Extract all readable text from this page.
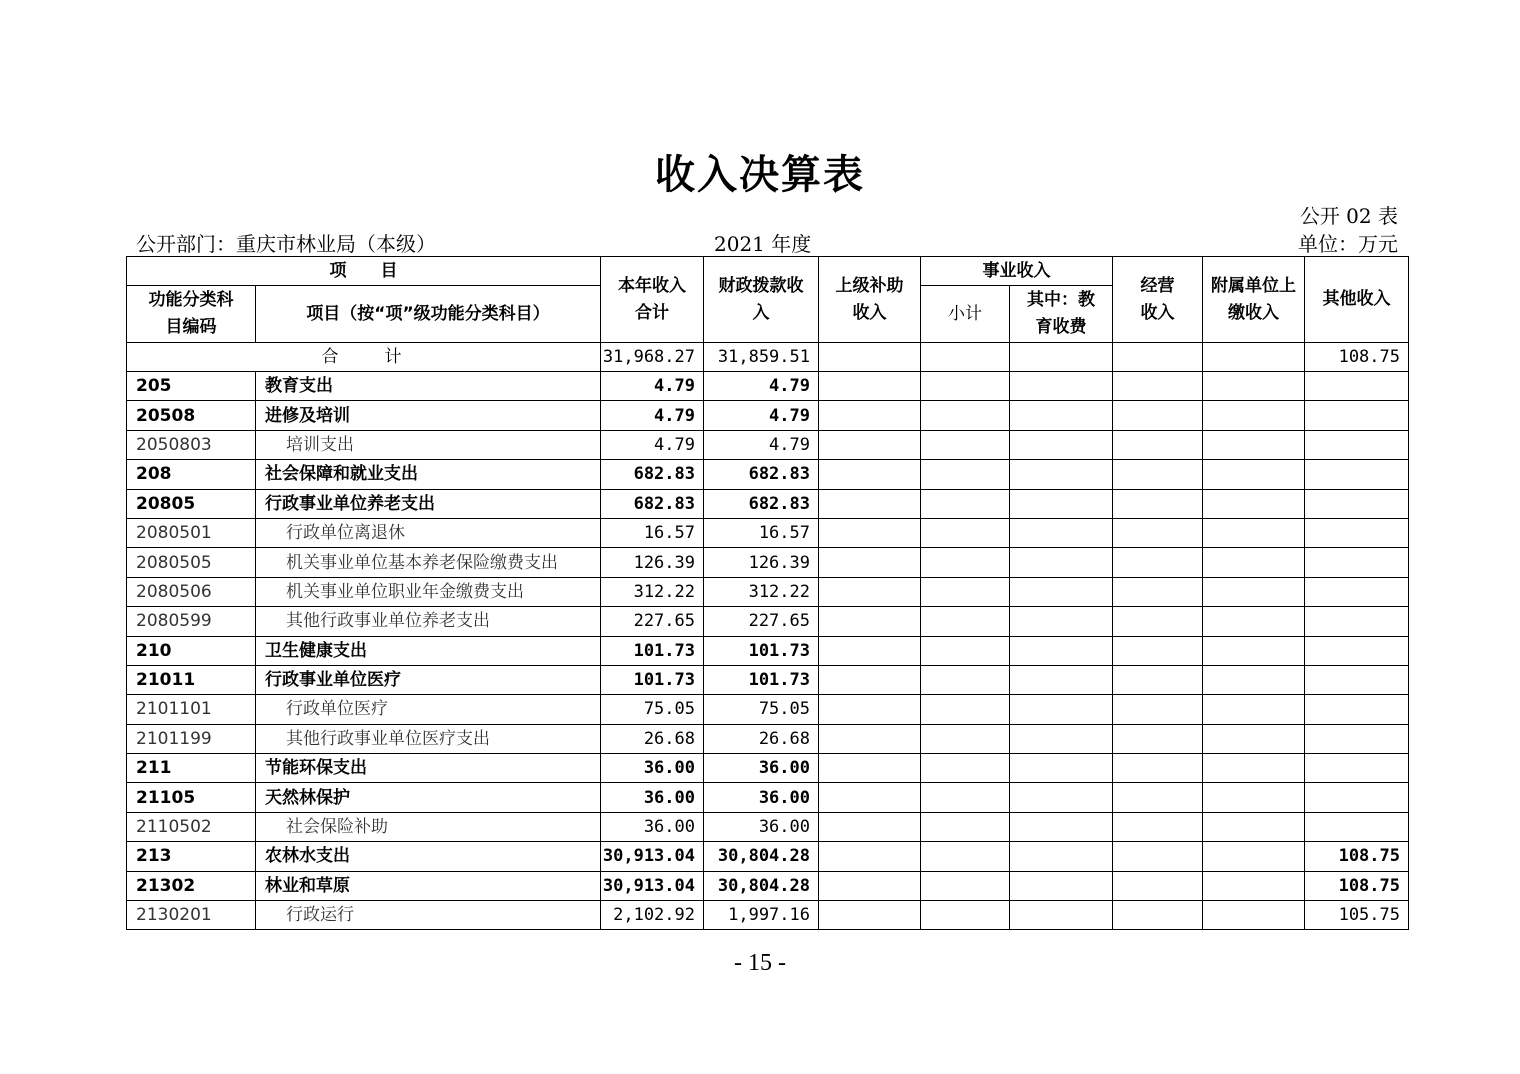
收入决算表
公开 02 表
公开部门：重庆市林业局（本级）	2021 年度	单位：万元
项　　目		本年收入合计	财政拨款收入	上级补助收入	事业收入		经营收入	附属单位上缴收入	其他收入
功能分类科目编码	项目（按“项”级功能分类科目）				小计	其中：教育收费			
合　　计		31,968.27	31,859.51						108.75
205	教育支出	4.79	4.79						
20508	进修及培训	4.79	4.79						
2050803	培训支出	4.79	4.79						
208	社会保障和就业支出	682.83	682.83						
20805	行政事业单位养老支出	682.83	682.83						
2080501	行政单位离退休	16.57	16.57						
2080505	机关事业单位基本养老保险缴费支出	126.39	126.39						
2080506	机关事业单位职业年金缴费支出	312.22	312.22						
2080599	其他行政事业单位养老支出	227.65	227.65						
210	卫生健康支出	101.73	101.73						
21011	行政事业单位医疗	101.73	101.73						
2101101	行政单位医疗	75.05	75.05						
2101199	其他行政事业单位医疗支出	26.68	26.68						
211	节能环保支出	36.00	36.00						
21105	天然林保护	36.00	36.00						
2110502	社会保险补助	36.00	36.00						
213	农林水支出	30,913.04	30,804.28						108.75
21302	林业和草原	30,913.04	30,804.28						108.75
2130201	行政运行	2,102.92	1,997.16						105.75
- 15 -
